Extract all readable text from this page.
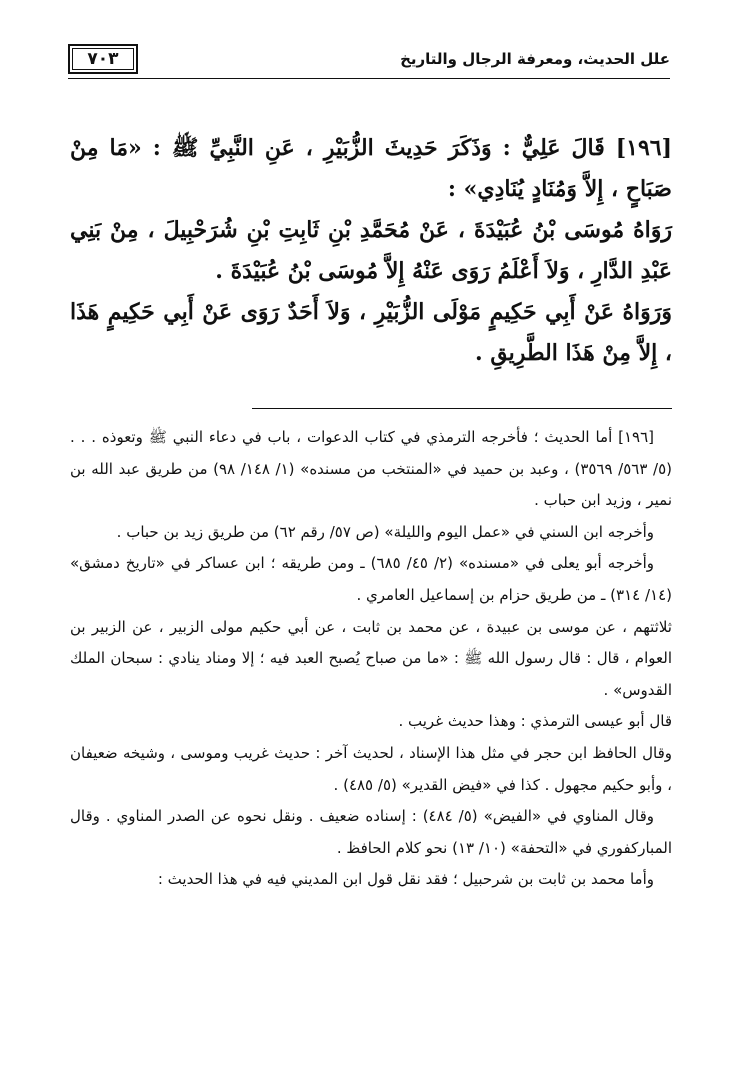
علل الحديث، ومعرفة الرجال والتاريخ
٧٠٣

[١٩٦] قَالَ عَلِيٌّ : وَذَكَرَ حَدِيثَ الزُّبَيْرِ ، عَنِ النَّبِيِّ ﷺ : «مَا مِنْ صَبَاحٍ ، إِلاَّ وَمُنَادٍ يُنَادِي» :

رَوَاهُ مُوسَى بْنُ عُبَيْدَةَ ، عَنْ مُحَمَّدِ بْنِ ثَابِتِ بْنِ شُرَحْبِيلَ ، مِنْ بَنِي عَبْدِ الدَّارِ ، وَلاَ أَعْلَمُ رَوَى عَنْهُ إِلاَّ مُوسَى بْنُ عُبَيْدَةَ .

وَرَوَاهُ عَنْ أَبِي حَكِيمٍ مَوْلَى الزُّبَيْرِ ، وَلاَ أَحَدٌ رَوَى عَنْ أَبِي حَكِيمٍ هَذَا ، إِلاَّ مِنْ هَذَا الطَّرِيقِ .

[١٩٦] أما الحديث ؛ فأخرجه الترمذي في كتاب الدعوات ، باب في دعاء النبي ﷺ وتعوذه . . . (٥/ ٥٦٣/ ٣٥٦٩) ، وعبد بن حميد في «المنتخب من مسنده» (١/ ١٤٨/ ٩٨) من طريق عبد الله بن نمير ، وزيد ابن حباب .

وأخرجه ابن السني في «عمل اليوم والليلة» (ص ٥٧/ رقم ٦٢) من طريق زيد بن حباب .

وأخرجه أبو يعلى في «مسنده» (٢/ ٤٥/ ٦٨٥) ـ ومن طريقه ؛ ابن عساكر في «تاريخ دمشق» (١٤/ ٣١٤) ـ من طريق حزام بن إسماعيل العامري .

ثلاثتهم ، عن موسى بن عبيدة ، عن محمد بن ثابت ، عن أبي حكيم مولى الزبير ، عن الزبير بن العوام ، قال : قال رسول الله ﷺ : «ما من صباح يُصبح العبد فيه ؛ إلا ومناد ينادي : سبحان الملك القدوس» .

قال أبو عيسى الترمذي : وهذا حديث غريب .

وقال الحافظ ابن حجر في مثل هذا الإسناد ، لحديث آخر : حديث غريب وموسى ، وشيخه ضعيفان ، وأبو حكيم مجهول . كذا في «فيض القدير» (٥/ ٤٨٥) .

وقال المناوي في «الفيض» (٥/ ٤٨٤) : إسناده ضعيف . ونقل نحوه عن الصدر المناوي . وقال المباركفوري في «التحفة» (١٠/ ١٣) نحو كلام الحافظ .

وأما محمد بن ثابت بن شرحبيل ؛ فقد نقل قول ابن المديني فيه في هذا الحديث :
